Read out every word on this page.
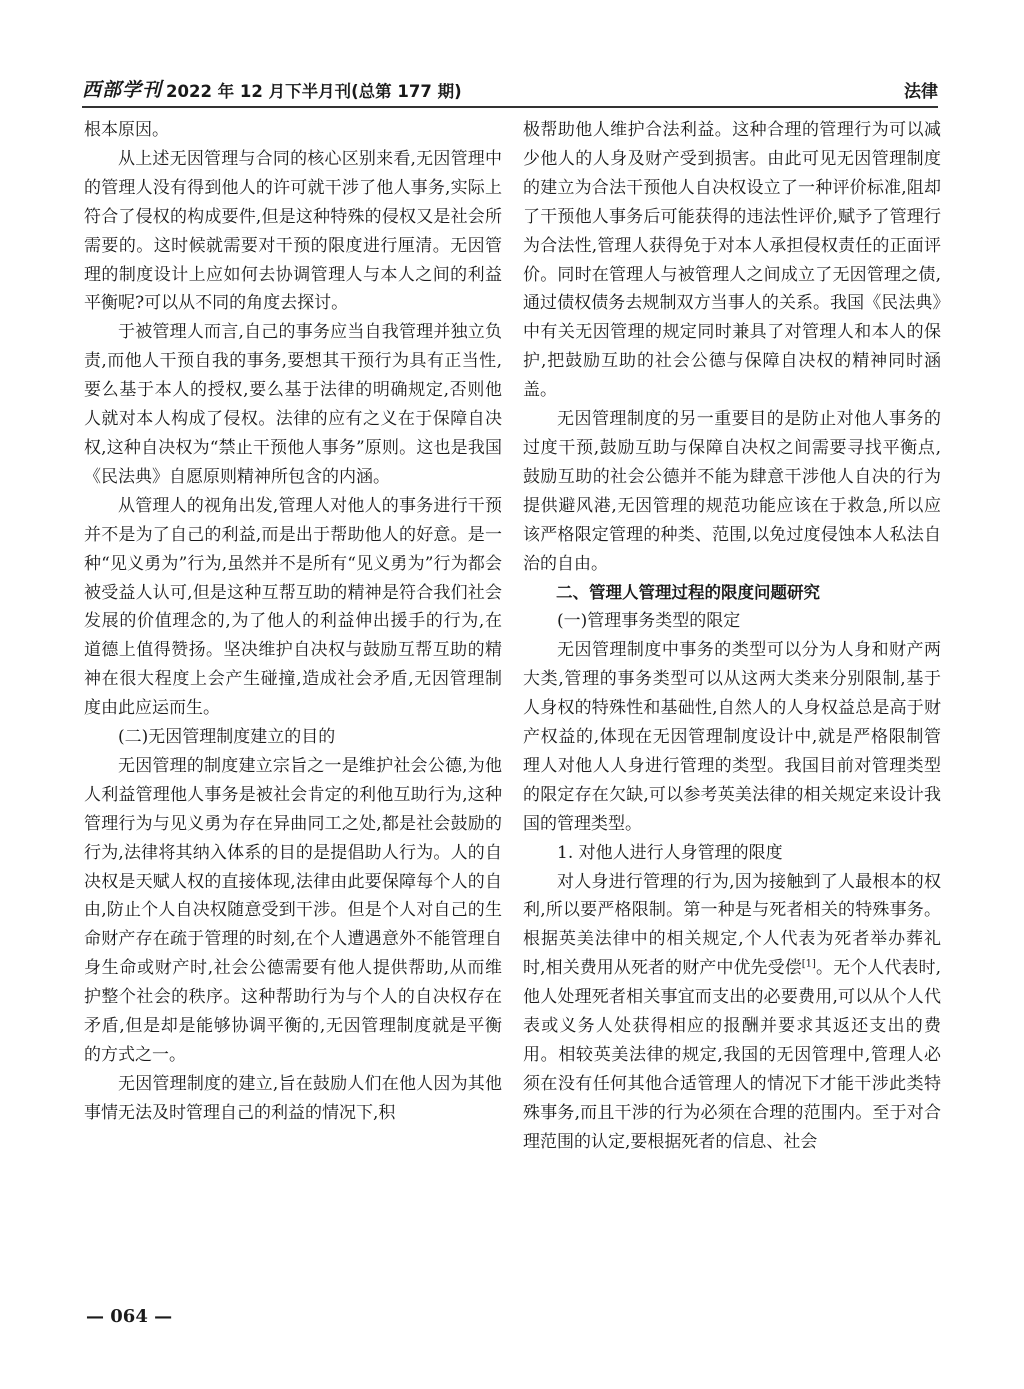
西部学刊 2022 年 12 月下半月刊(总第 177 期)	法律

根本原因。

从上述无因管理与合同的核心区别来看,无因管理中的管理人没有得到他人的许可就干涉了他人事务,实际上符合了侵权的构成要件,但是这种特殊的侵权又是社会所需要的。这时候就需要对干预的限度进行厘清。无因管理的制度设计上应如何去协调管理人与本人之间的利益平衡呢?可以从不同的角度去探讨。

于被管理人而言,自己的事务应当自我管理并独立负责,而他人干预自我的事务,要想其干预行为具有正当性,要么基于本人的授权,要么基于法律的明确规定,否则他人就对本人构成了侵权。法律的应有之义在于保障自决权,这种自决权为“禁止干预他人事务”原则。这也是我国《民法典》自愿原则精神所包含的内涵。

从管理人的视角出发,管理人对他人的事务进行干预并不是为了自己的利益,而是出于帮助他人的好意。是一种“见义勇为”行为,虽然并不是所有“见义勇为”行为都会被受益人认可,但是这种互帮互助的精神是符合我们社会发展的价值理念的,为了他人的利益伸出援手的行为,在道德上值得赞扬。坚决维护自决权与鼓励互帮互助的精神在很大程度上会产生碰撞,造成社会矛盾,无因管理制度由此应运而生。

(二)无因管理制度建立的目的

无因管理的制度建立宗旨之一是维护社会公德,为他人利益管理他人事务是被社会肯定的利他互助行为,这种管理行为与见义勇为存在异曲同工之处,都是社会鼓励的行为,法律将其纳入体系的目的是提倡助人行为。人的自决权是天赋人权的直接体现,法律由此要保障每个人的自由,防止个人自决权随意受到干涉。但是个人对自己的生命财产存在疏于管理的时刻,在个人遭遇意外不能管理自身生命或财产时,社会公德需要有他人提供帮助,从而维护整个社会的秩序。这种帮助行为与个人的自决权存在矛盾,但是却是能够协调平衡的,无因管理制度就是平衡的方式之一。

无因管理制度的建立,旨在鼓励人们在他人因为其他事情无法及时管理自己的利益的情况下,积

极帮助他人维护合法利益。这种合理的管理行为可以减少他人的人身及财产受到损害。由此可见无因管理制度的建立为合法干预他人自决权设立了一种评价标准,阻却了干预他人事务后可能获得的违法性评价,赋予了管理行为合法性,管理人获得免于对本人承担侵权责任的正面评价。同时在管理人与被管理人之间成立了无因管理之债,通过债权债务去规制双方当事人的关系。我国《民法典》中有关无因管理的规定同时兼具了对管理人和本人的保护,把鼓励互助的社会公德与保障自决权的精神同时涵盖。

无因管理制度的另一重要目的是防止对他人事务的过度干预,鼓励互助与保障自决权之间需要寻找平衡点,鼓励互助的社会公德并不能为肆意干涉他人自决的行为提供避风港,无因管理的规范功能应该在于救急,所以应该严格限定管理的种类、范围,以免过度侵蚀本人私法自治的自由。

二、管理人管理过程的限度问题研究

(一)管理事务类型的限定

无因管理制度中事务的类型可以分为人身和财产两大类,管理的事务类型可以从这两大类来分别限制,基于人身权的特殊性和基础性,自然人的人身权益总是高于财产权益的,体现在无因管理制度设计中,就是严格限制管理人对他人人身进行管理的类型。我国目前对管理类型的限定存在欠缺,可以参考英美法律的相关规定来设计我国的管理类型。

1. 对他人进行人身管理的限度

对人身进行管理的行为,因为接触到了人最根本的权利,所以要严格限制。第一种是与死者相关的特殊事务。根据英美法律中的相关规定,个人代表为死者举办葬礼时,相关费用从死者的财产中优先受偿[1]。无个人代表时,他人处理死者相关事宜而支出的必要费用,可以从个人代表或义务人处获得相应的报酬并要求其返还支出的费用。相较英美法律的规定,我国的无因管理中,管理人必须在没有任何其他合适管理人的情况下才能干涉此类特殊事务,而且干涉的行为必须在合理的范围内。至于对合理范围的认定,要根据死者的信息、社会

— 064 —
